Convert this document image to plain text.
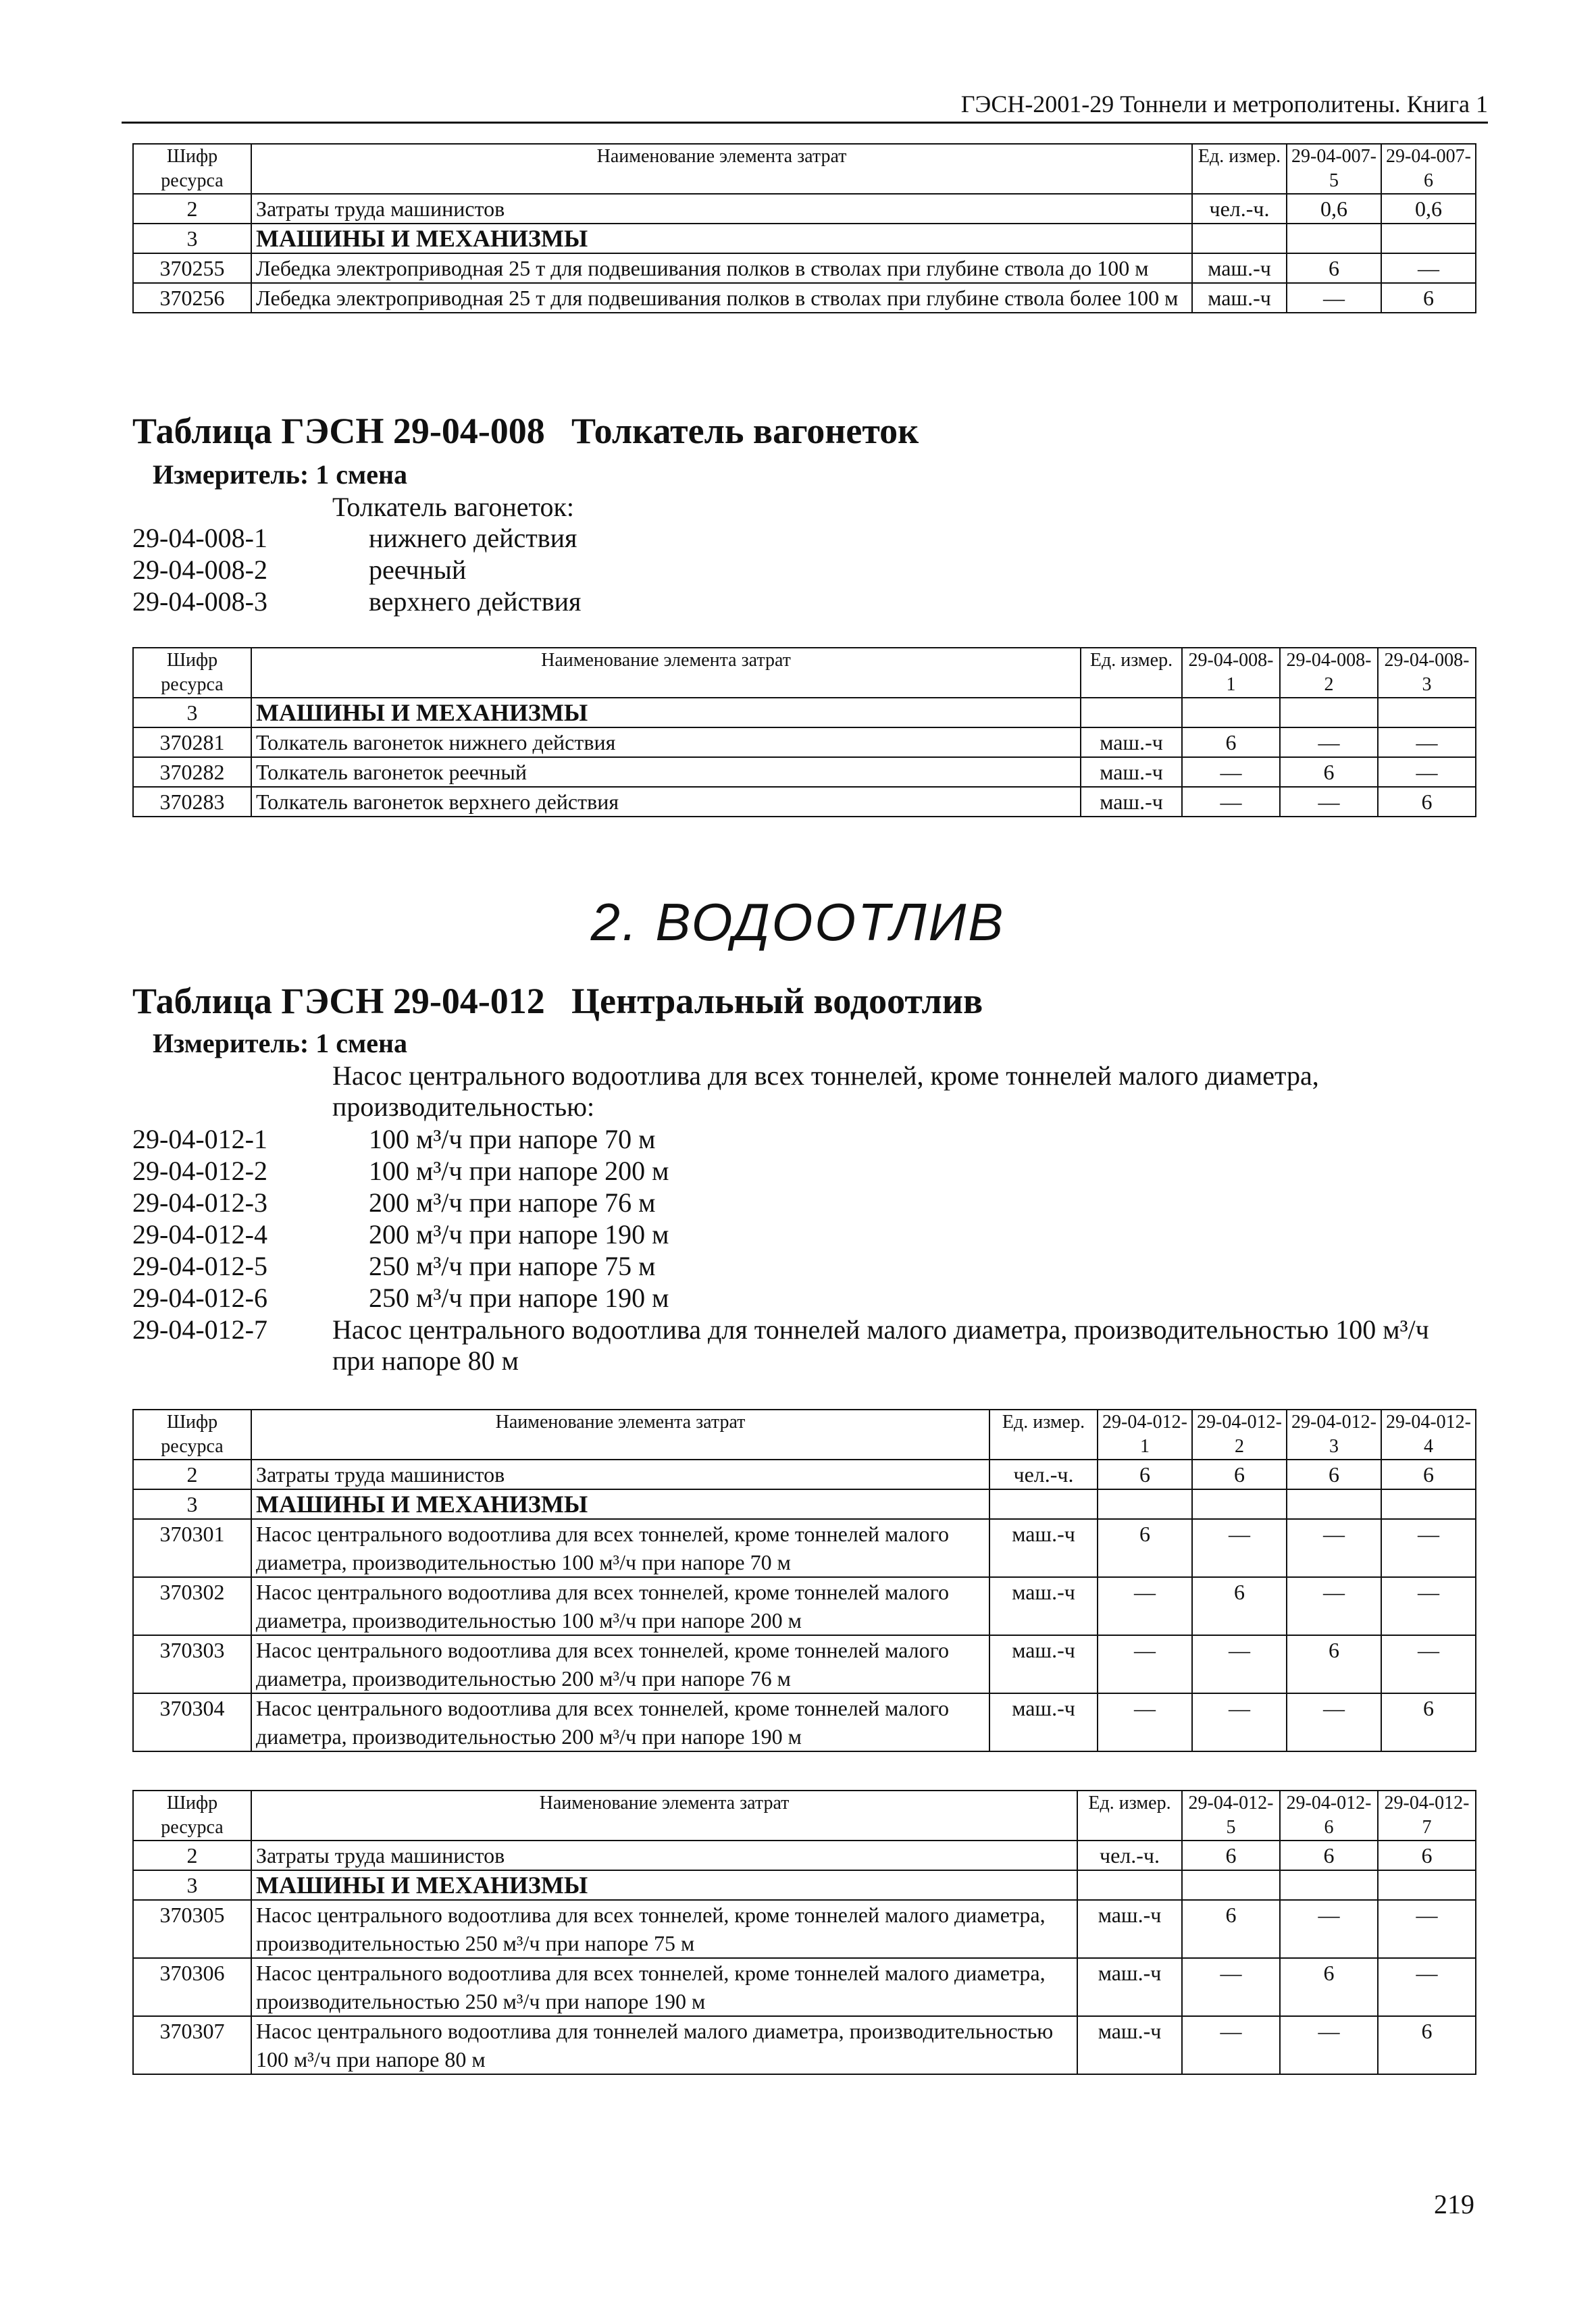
ГЭСН-2001-29 Тоннели и метрополитены. Книга 1
Шифр ресурса	Наименование элемента затрат	Ед. измер.	29-04-007-5	29-04-007-6
2	Затраты труда машинистов	чел.-ч.	0,6	0,6
3	МАШИНЫ И МЕХАНИЗМЫ			
370255	Лебедка электроприводная 25 т для подвешивания полков в стволах при глубине ствола до 100 м	маш.-ч	6	—
370256	Лебедка электроприводная 25 т для подвешивания полков в стволах при глубине ствола более 100 м	маш.-ч	—	6
Таблица ГЭСН 29-04-008 Толкатель вагонеток
Измеритель: 1 смена
Толкатель вагонеток:
29-04-008-1	нижнего действия
29-04-008-2	реечный
29-04-008-3	верхнего действия
Шифр ресурса	Наименование элемента затрат	Ед. измер.	29-04-008-1	29-04-008-2	29-04-008-3
3	МАШИНЫ И МЕХАНИЗМЫ				
370281	Толкатель вагонеток нижнего действия	маш.-ч	6	—	—
370282	Толкатель вагонеток реечный	маш.-ч	—	6	—
370283	Толкатель вагонеток верхнего действия	маш.-ч	—	—	6
2. ВОДООТЛИВ
Таблица ГЭСН 29-04-012 Центральный водоотлив
Измеритель: 1 смена
Насос центрального водоотлива для всех тоннелей, кроме тоннелей малого диаметра, производительностью:
29-04-012-1	100 м³/ч при напоре 70 м
29-04-012-2	100 м³/ч при напоре 200 м
29-04-012-3	200 м³/ч при напоре 76 м
29-04-012-4	200 м³/ч при напоре 190 м
29-04-012-5	250 м³/ч при напоре 75 м
29-04-012-6	250 м³/ч при напоре 190 м
29-04-012-7 Насос центрального водоотлива для тоннелей малого диаметра, производительностью 100 м³/ч при напоре 80 м
Шифр ресурса	Наименование элемента затрат	Ед. измер.	29-04-012-1	29-04-012-2	29-04-012-3	29-04-012-4
2	Затраты труда машинистов	чел.-ч.	6	6	6	6
3	МАШИНЫ И МЕХАНИЗМЫ					
370301	Насос центрального водоотлива для всех тоннелей, кроме тоннелей малого диаметра, производительностью 100 м³/ч при напоре 70 м	маш.-ч	6	—	—	—
370302	Насос центрального водоотлива для всех тоннелей, кроме тоннелей малого диаметра, производительностью 100 м³/ч при напоре 200 м	маш.-ч	—	6	—	—
370303	Насос центрального водоотлива для всех тоннелей, кроме тоннелей малого диаметра, производительностью 200 м³/ч при напоре 76 м	маш.-ч	—	—	6	—
370304	Насос центрального водоотлива для всех тоннелей, кроме тоннелей малого диаметра, производительностью 200 м³/ч при напоре 190 м	маш.-ч	—	—	—	6
Шифр ресурса	Наименование элемента затрат	Ед. измер.	29-04-012-5	29-04-012-6	29-04-012-7
2	Затраты труда машинистов	чел.-ч.	6	6	6
3	МАШИНЫ И МЕХАНИЗМЫ				
370305	Насос центрального водоотлива для всех тоннелей, кроме тоннелей малого диаметра, производительностью 250 м³/ч при напоре 75 м	маш.-ч	6	—	—
370306	Насос центрального водоотлива для всех тоннелей, кроме тоннелей малого диаметра, производительностью 250 м³/ч при напоре 190 м	маш.-ч	—	6	—
370307	Насос центрального водоотлива для тоннелей малого диаметра, производительностью 100 м³/ч при напоре 80 м	маш.-ч	—	—	6
219
